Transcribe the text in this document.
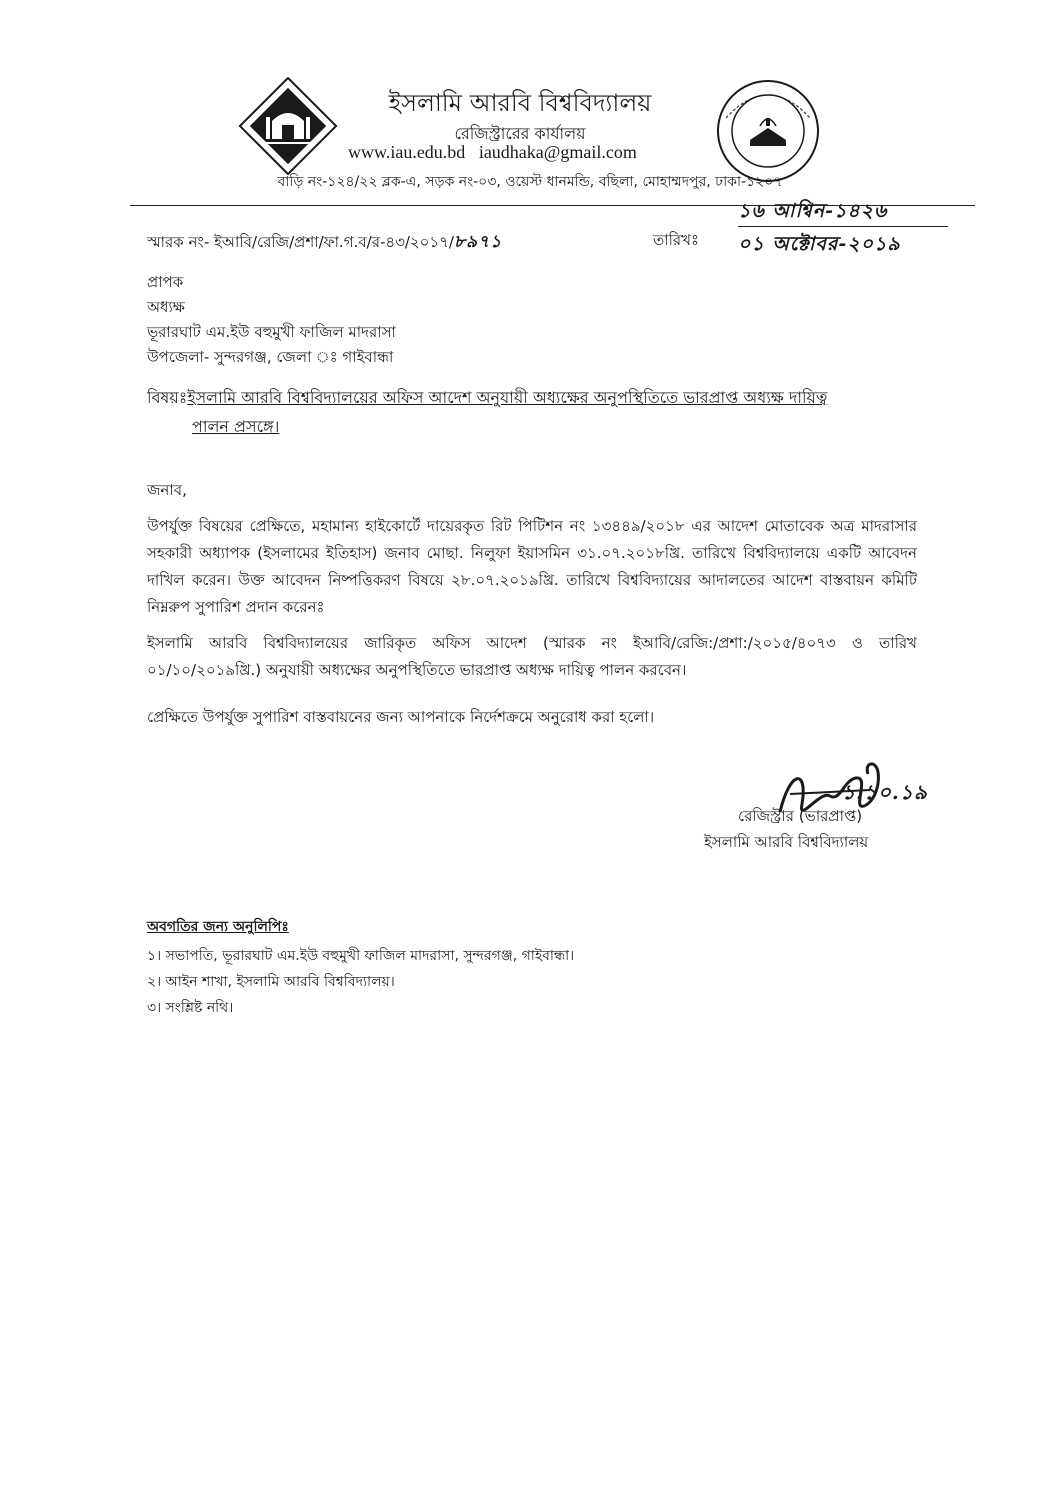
ইসলামি আরবি বিশ্ববিদ্যালয়
রেজিস্ট্রারের কার্যালয়
www.iau.edu.bd iaudhaka@gmail.com
বাড়ি নং-১২৪/২২ ব্লক-এ, সড়ক নং-০৩, ওয়েস্ট ধানমন্ডি, বছিলা, মোহাম্মদপুর, ঢাকা-১২০৭
স্মারক নং- ইআবি/রেজি/প্রশা/ফা.গ.ব/র-৪৩/২০১৭/৮৯৭১	তারিখঃ
১৬ আশ্বিন-১৪২৬
০১ অক্টোবর-২০১৯
প্রাপক
অধ্যক্ষ
ভূরারঘাট এম.ইউ বহুমুখী ফাজিল মাদরাসা
উপজেলা- সুন্দরগঞ্জ, জেলা ঃ গাইবান্ধা
বিষয়ঃইসলামি আরবি বিশ্ববিদ্যালয়ের অফিস আদেশ অনুযায়ী অধ্যক্ষের অনুপস্থিতিতে ভারপ্রাপ্ত অধ্যক্ষ দায়িত্ব
পালন প্রসঙ্গে।
জনাব,
উপর্যুক্ত বিষয়ের প্রেক্ষিতে, মহামান্য হাইকোর্টে দায়েরকৃত রিট পিটিশন নং ১৩৪৪৯/২০১৮ এর আদেশ মোতাবেক অত্র মাদরাসার সহকারী অধ্যাপক (ইসলামের ইতিহাস) জনাব মোছা. নিলুফা ইয়াসমিন ৩১.০৭.২০১৮খ্রি. তারিখে বিশ্ববিদ্যালয়ে একটি আবেদন দাখিল করেন। উক্ত আবেদন নিষ্পত্তিকরণ বিষয়ে ২৮.০৭.২০১৯খ্রি. তারিখে বিশ্ববিদ্যায়ের আদালতের আদেশ বাস্তবায়ন কমিটি নিম্নরুপ সুপারিশ প্রদান করেনঃ
ইসলামি আরবি বিশ্ববিদ্যালয়ের জারিকৃত অফিস আদেশ (স্মারক নং ইআবি/রেজি:/প্রশা:/২০১৫/৪০৭৩ ও তারিখ ০১/১০/২০১৯খ্রি.) অনুযায়ী অধ্যক্ষের অনুপস্থিতিতে ভারপ্রাপ্ত অধ্যক্ষ দায়িত্ব পালন করবেন।
প্রেক্ষিতে উপর্যুক্ত সুপারিশ বাস্তবায়নের জন্য আপনাকে নির্দেশক্রমে অনুরোধ করা হলো।
১.১০.১৯
রেজিস্ট্রার (ভারপ্রাপ্ত)
ইসলামি আরবি বিশ্ববিদ্যালয়
অবগতির জন্য অনুলিপিঃ
১। সভাপতি, ভূরারঘাট এম.ইউ বহুমুখী ফাজিল মাদরাসা, সুন্দরগঞ্জ, গাইবান্ধা।
২। আইন শাখা, ইসলামি আরবি বিশ্ববিদ্যালয়।
৩। সংশ্লিষ্ট নথি।
